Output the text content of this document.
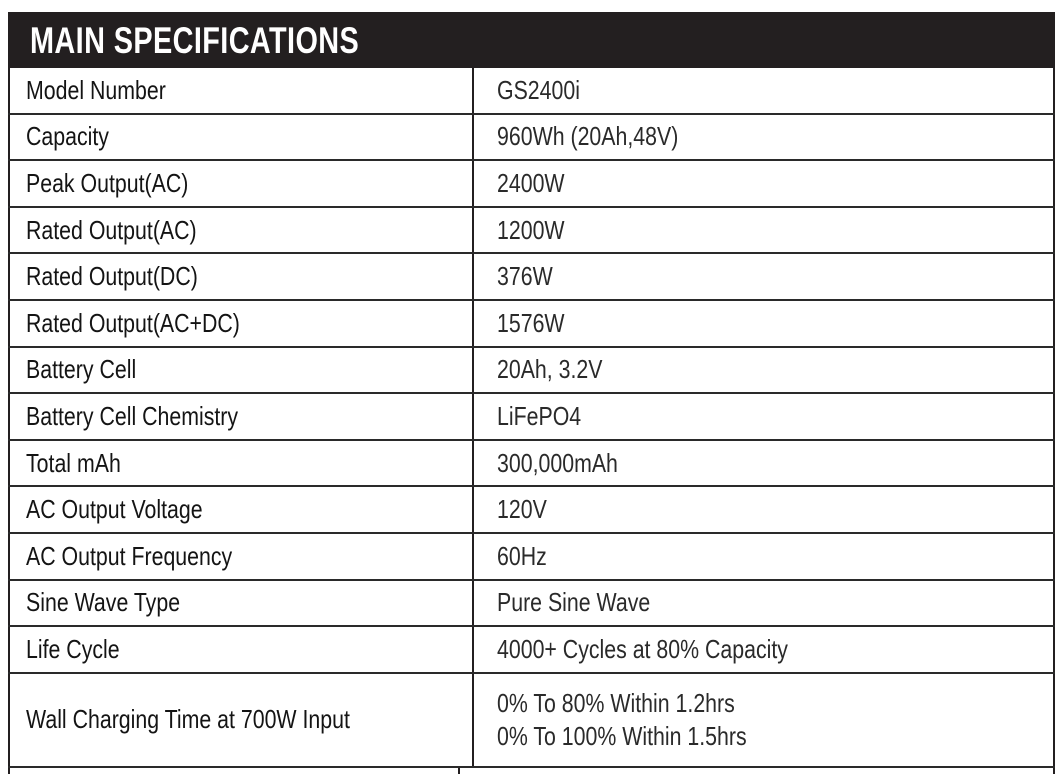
MAIN SPECIFICATIONS
Model Number	GS2400i
Capacity	960Wh (20Ah,48V)
Peak Output(AC)	2400W
Rated Output(AC)	1200W
Rated Output(DC)	376W
Rated Output(AC+DC)	1576W
Battery Cell	20Ah, 3.2V
Battery Cell Chemistry	LiFePO4
Total mAh	300,000mAh
AC Output Voltage	120V
AC Output Frequency	60Hz
Sine Wave Type	Pure Sine Wave
Life Cycle	4000+ Cycles at 80% Capacity
Wall Charging Time at 700W Input	0% To 80% Within 1.2hrs
0% To 100% Within 1.5hrs
